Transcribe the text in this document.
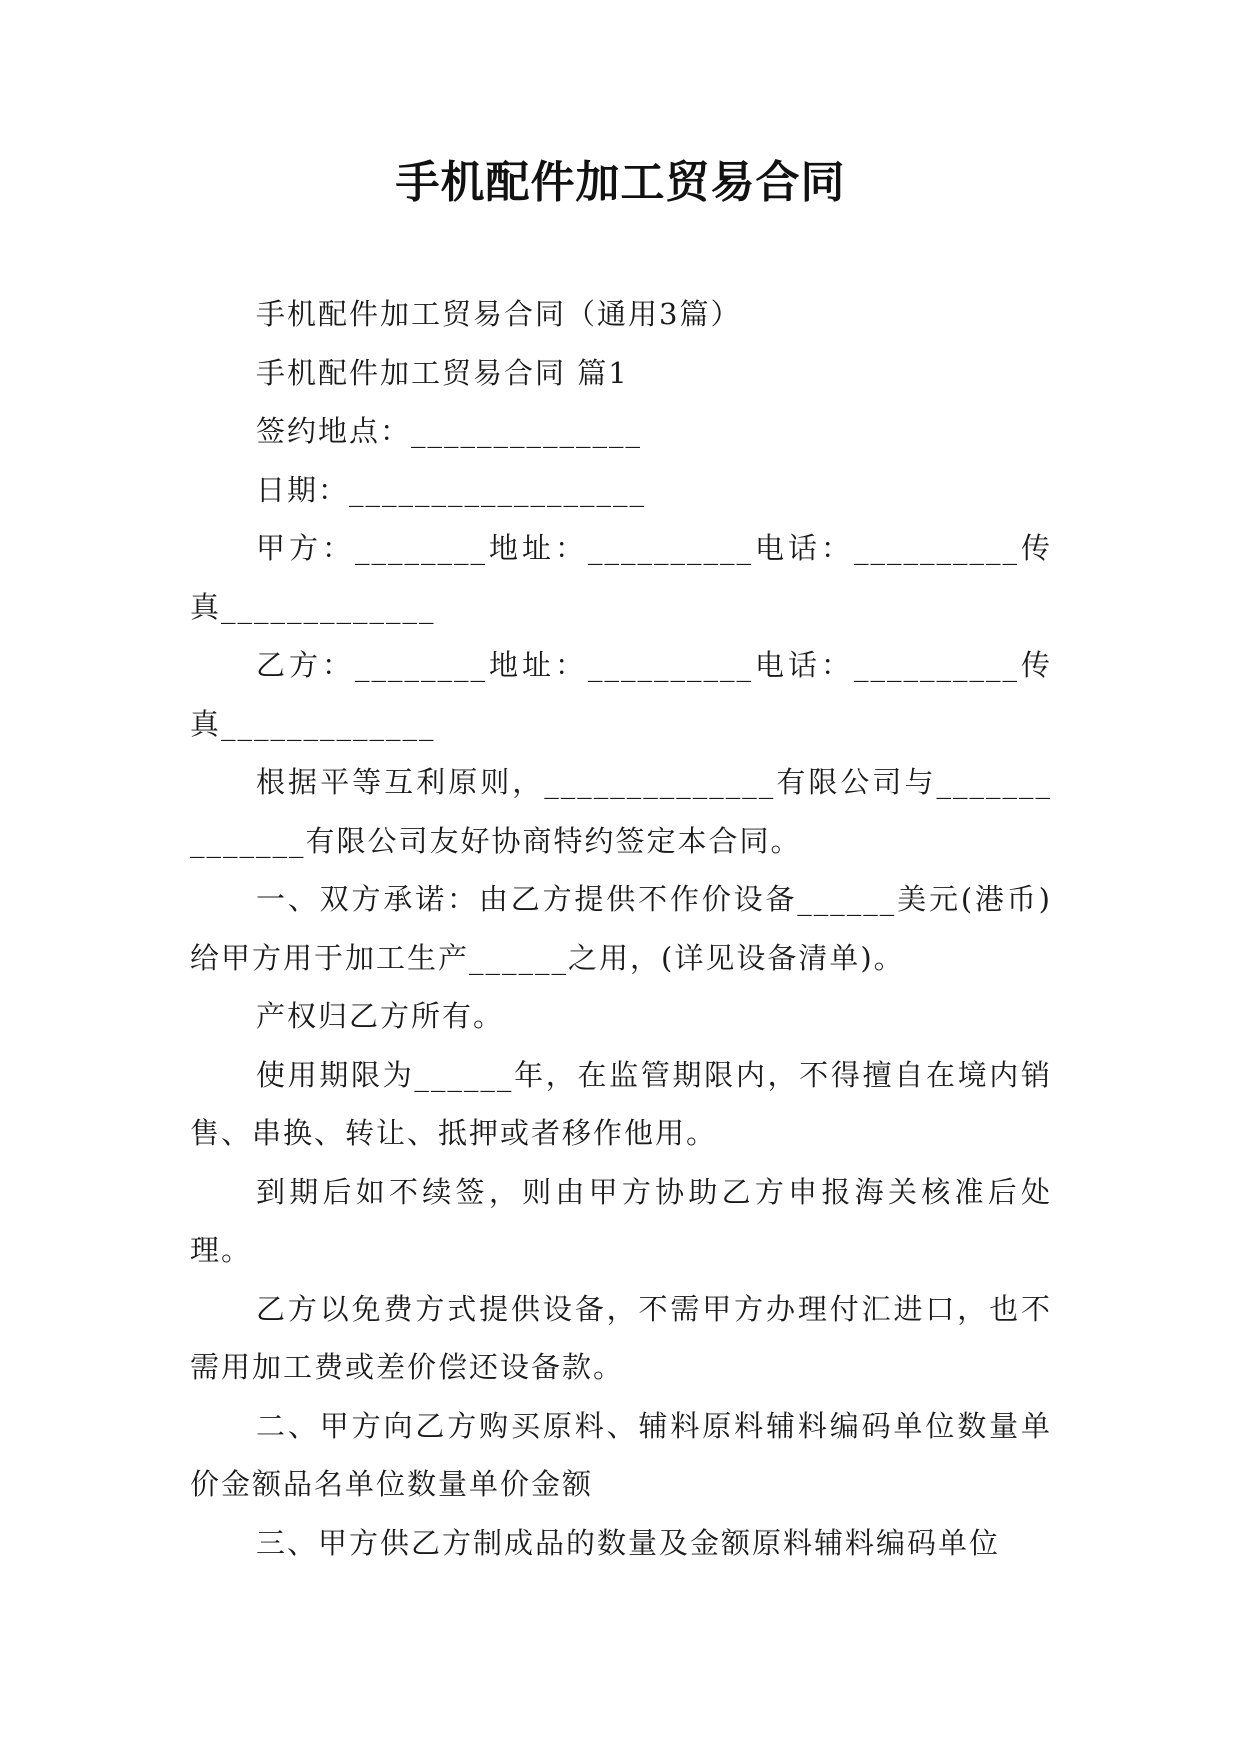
手机配件加工贸易合同

手机配件加工贸易合同（通用3篇）

手机配件加工贸易合同 篇1

签约地点：______________

日期：__________________

甲方：________地址：__________电话：__________传真_____________

乙方：________地址：__________电话：__________传真_____________

根据平等互利原则，______________有限公司与______________有限公司友好协商特约签定本合同。

一、双方承诺：由乙方提供不作价设备______美元(港币)给甲方用于加工生产______之用，(详见设备清单)。

产权归乙方所有。

使用期限为______年，在监管期限内，不得擅自在境内销售、串换、转让、抵押或者移作他用。

到期后如不续签，则由甲方协助乙方申报海关核准后处理。

乙方以免费方式提供设备，不需甲方办理付汇进口，也不需用加工费或差价偿还设备款。

二、甲方向乙方购买原料、辅料原料辅料编码单位数量单价金额品名单位数量单价金额

三、甲方供乙方制成品的数量及金额原料辅料编码单位
